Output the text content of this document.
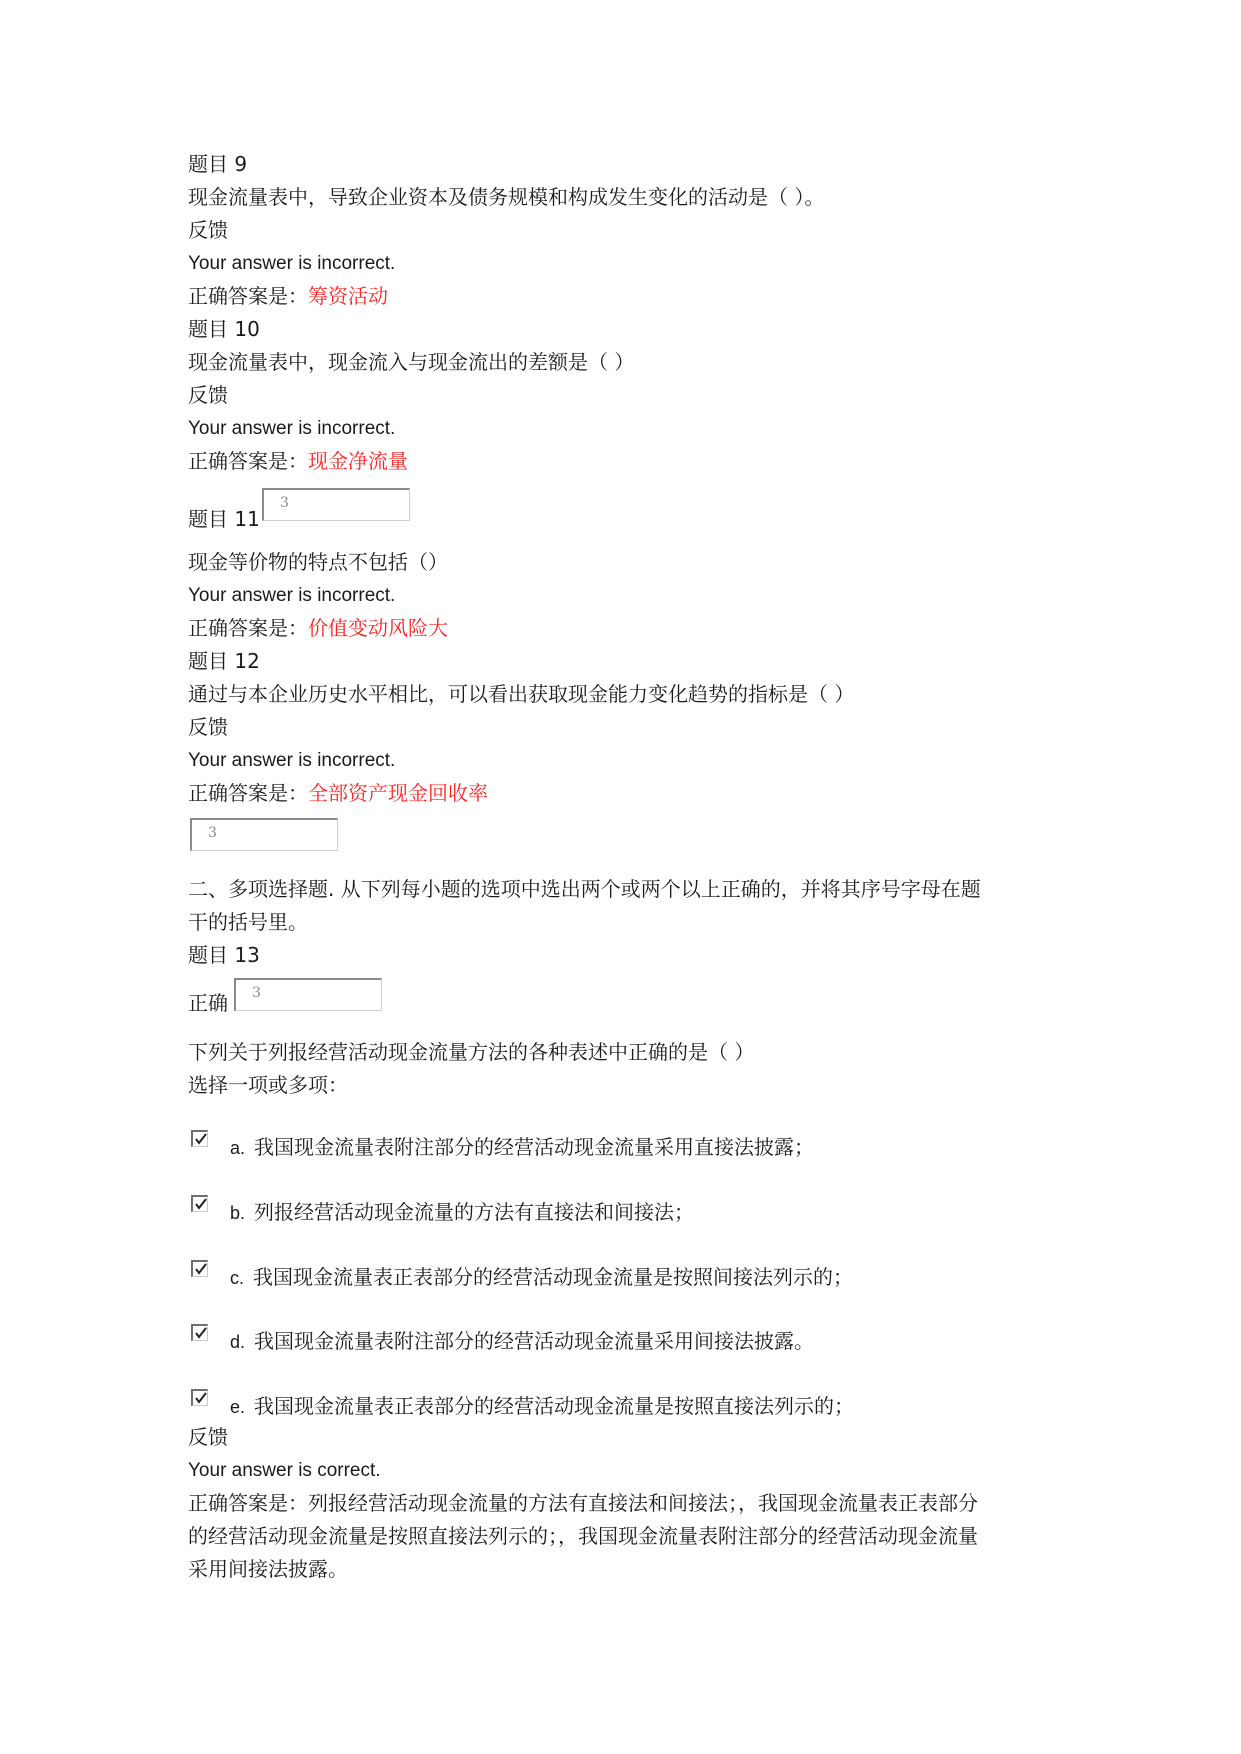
题目 9
现金流量表中，导致企业资本及债务规模和构成发生变化的活动是（ ）。
反馈
Your answer is incorrect.
正确答案是：筹资活动
题目 10
现金流量表中，现金流入与现金流出的差额是（ ）
反馈
Your answer is incorrect.
正确答案是：现金净流量
题目 11
3
现金等价物的特点不包括（）
Your answer is incorrect.
正确答案是：价值变动风险大
题目 12
通过与本企业历史水平相比，可以看出获取现金能力变化趋势的指标是（ ）
反馈
Your answer is incorrect.
正确答案是：全部资产现金回收率
3
二、多项选择题. 从下列每小题的选项中选出两个或两个以上正确的，并将其序号字母在题
干的括号里。
题目 13
正确	3
下列关于列报经营活动现金流量方法的各种表述中正确的是（ ）
选择一项或多项：
a. 我国现金流量表附注部分的经营活动现金流量采用直接法披露；
b. 列报经营活动现金流量的方法有直接法和间接法；
c. 我国现金流量表正表部分的经营活动现金流量是按照间接法列示的；
d. 我国现金流量表附注部分的经营活动现金流量采用间接法披露。
e. 我国现金流量表正表部分的经营活动现金流量是按照直接法列示的；
反馈
Your answer is correct.
正确答案是：列报经营活动现金流量的方法有直接法和间接法；，我国现金流量表正表部分
的经营活动现金流量是按照直接法列示的；，我国现金流量表附注部分的经营活动现金流量
采用间接法披露。
